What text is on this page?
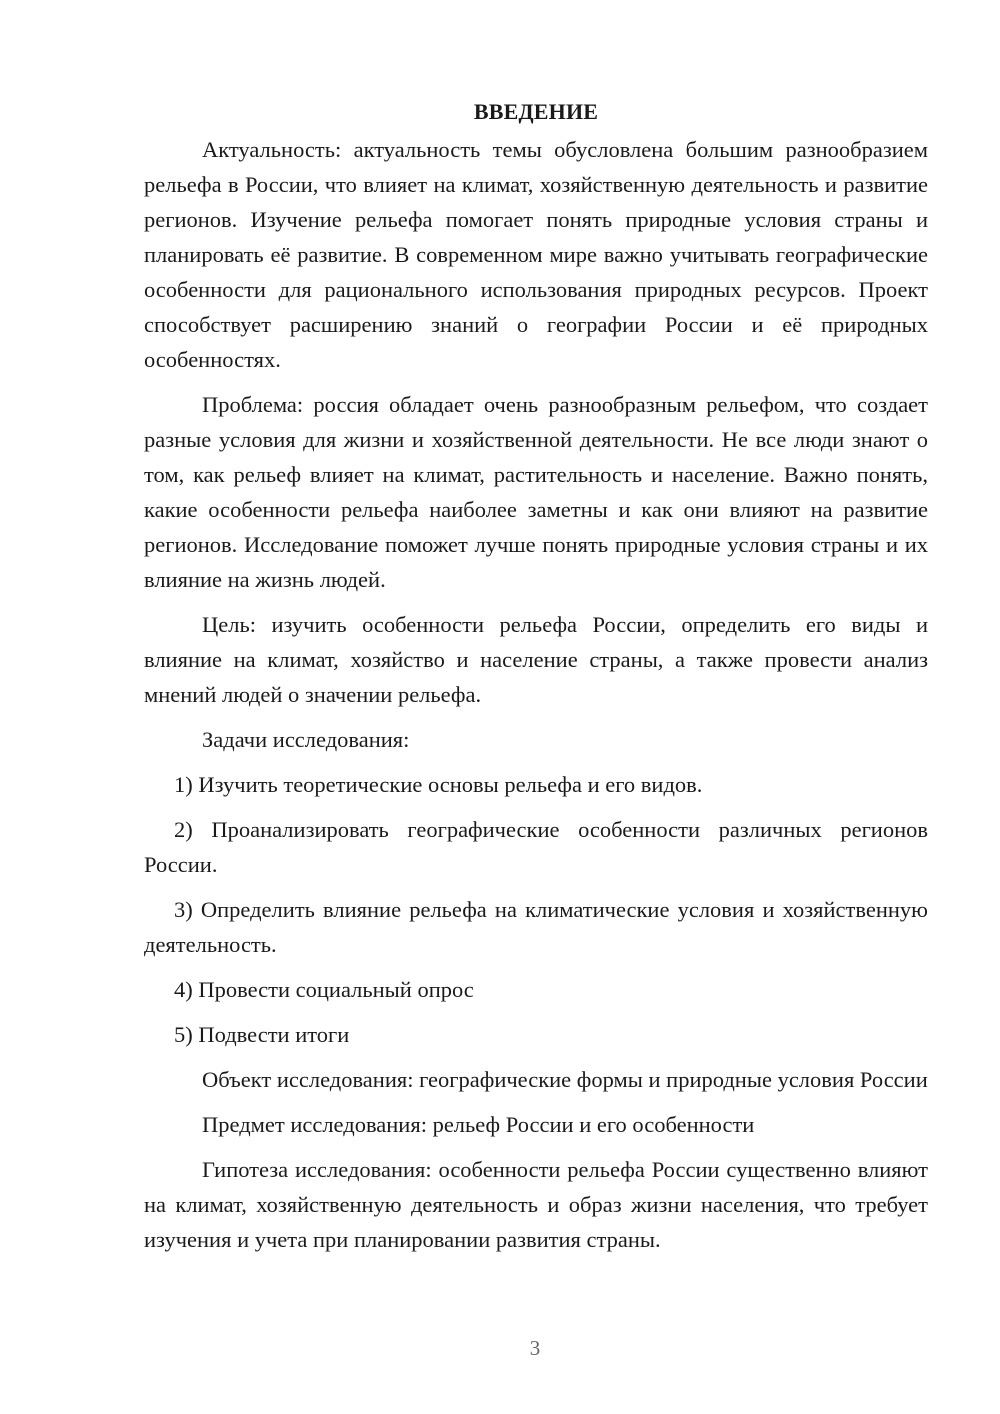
ВВЕДЕНИЕ

Актуальность: актуальность темы обусловлена большим разнообразием рельефа в России, что влияет на климат, хозяйственную деятельность и развитие регионов. Изучение рельефа помогает понять природные условия страны и планировать её развитие. В современном мире важно учитывать географические особенности для рационального использования природных ресурсов. Проект способствует расширению знаний о географии России и её природных особенностях.

Проблема: россия обладает очень разнообразным рельефом, что создает разные условия для жизни и хозяйственной деятельности. Не все люди знают о том, как рельеф влияет на климат, растительность и население. Важно понять, какие особенности рельефа наиболее заметны и как они влияют на развитие регионов. Исследование поможет лучше понять природные условия страны и их влияние на жизнь людей.

Цель: изучить особенности рельефа России, определить его виды и влияние на климат, хозяйство и население страны, а также провести анализ мнений людей о значении рельефа.

Задачи исследования:

1) Изучить теоретические основы рельефа и его видов.

2) Проанализировать географические особенности различных регионов России.

3) Определить влияние рельефа на климатические условия и хозяйственную деятельность.

4) Провести социальный опрос

5) Подвести итоги

Объект исследования: географические формы и природные условия России

Предмет исследования: рельеф России и его особенности

Гипотеза исследования: особенности рельефа России существенно влияют на климат, хозяйственную деятельность и образ жизни населения, что требует изучения и учета при планировании развития страны.

3
